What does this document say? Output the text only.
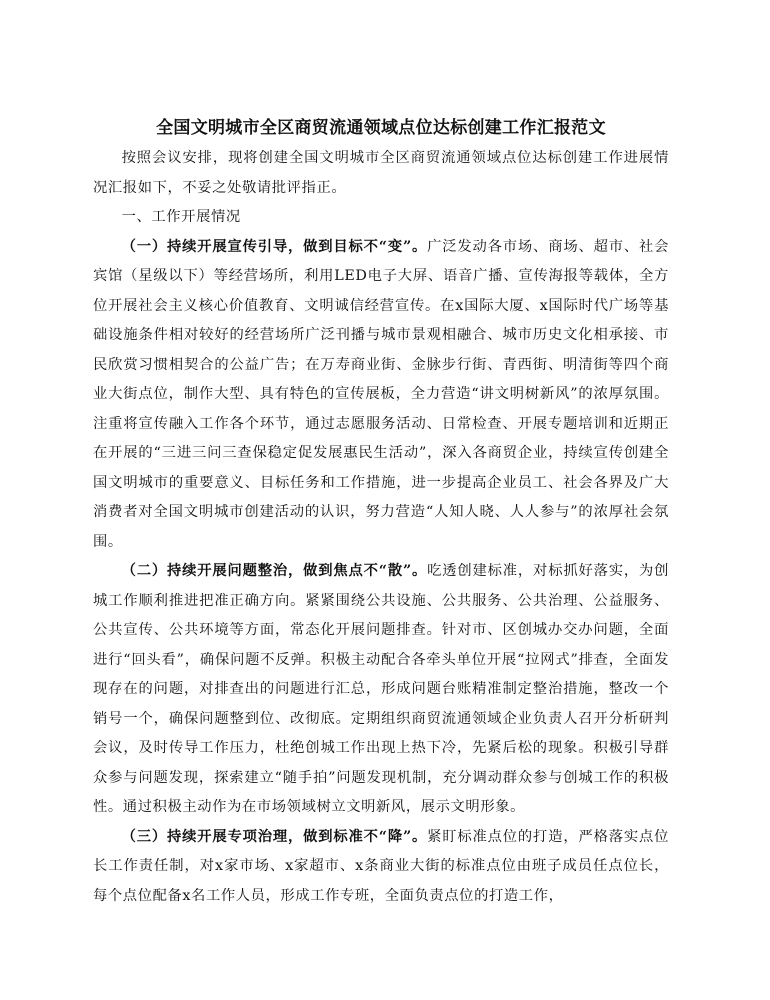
全国文明城市全区商贸流通领域点位达标创建工作汇报范文

按照会议安排，现将创建全国文明城市全区商贸流通领域点位达标创建工作进展情况汇报如下，不妥之处敬请批评指正。

一、工作开展情况

（一）持续开展宣传引导，做到目标不“变”。广泛发动各市场、商场、超市、社会宾馆（星级以下）等经营场所，利用LED电子大屏、语音广播、宣传海报等载体，全方位开展社会主义核心价值教育、文明诚信经营宣传。在x国际大厦、x国际时代广场等基础设施条件相对较好的经营场所广泛刊播与城市景观相融合、城市历史文化相承接、市民欣赏习惯相契合的公益广告；在万寿商业街、金脉步行街、青西街、明清街等四个商业大街点位，制作大型、具有特色的宣传展板，全力营造“讲文明树新风”的浓厚氛围。注重将宣传融入工作各个环节，通过志愿服务活动、日常检查、开展专题培训和近期正在开展的“三进三问三查保稳定促发展惠民生活动”，深入各商贸企业，持续宣传创建全国文明城市的重要意义、目标任务和工作措施，进一步提高企业员工、社会各界及广大消费者对全国文明城市创建活动的认识，努力营造“人知人晓、人人参与”的浓厚社会氛围。

（二）持续开展问题整治，做到焦点不“散”。吃透创建标准，对标抓好落实，为创城工作顺利推进把准正确方向。紧紧围绕公共设施、公共服务、公共治理、公益服务、公共宣传、公共环境等方面，常态化开展问题排查。针对市、区创城办交办问题，全面进行“回头看”，确保问题不反弹。积极主动配合各牵头单位开展“拉网式”排查，全面发现存在的问题，对排查出的问题进行汇总，形成问题台账精准制定整治措施，整改一个销号一个，确保问题整到位、改彻底。定期组织商贸流通领域企业负责人召开分析研判会议，及时传导工作压力，杜绝创城工作出现上热下冷，先紧后松的现象。积极引导群众参与问题发现，探索建立“随手拍”问题发现机制，充分调动群众参与创城工作的积极性。通过积极主动作为在市场领域树立文明新风，展示文明形象。

（三）持续开展专项治理，做到标准不“降”。紧盯标准点位的打造，严格落实点位长工作责任制，对x家市场、x家超市、x条商业大街的标准点位由班子成员任点位长，每个点位配备x名工作人员，形成工作专班，全面负责点位的打造工作，
